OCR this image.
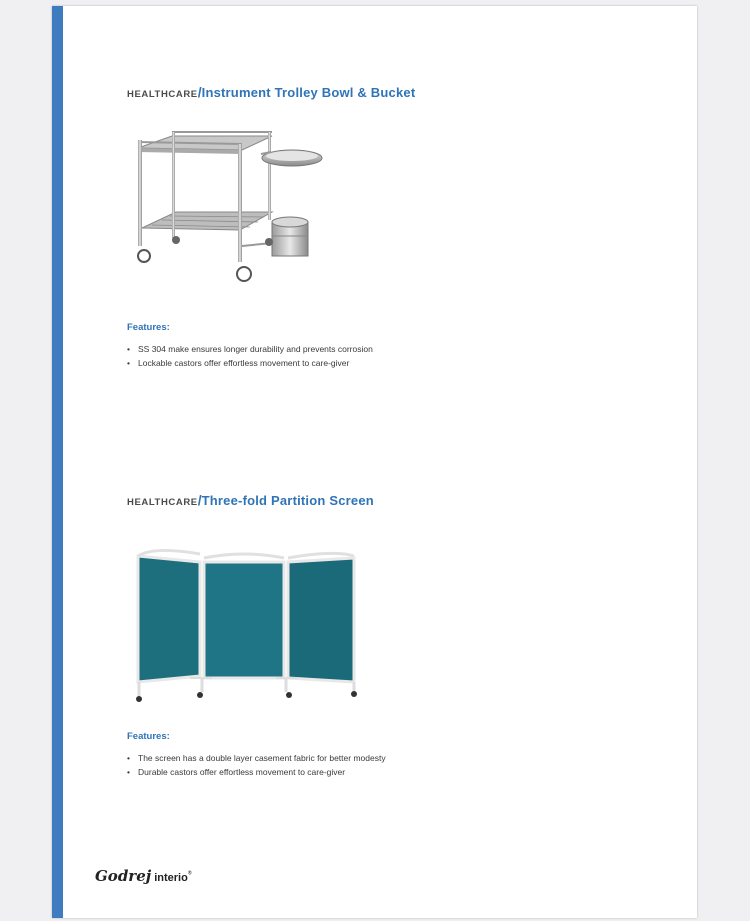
HEALTHCARE/Instrument Trolley Bowl & Bucket
Features:
• SS 304 make ensures longer durability and prevents corrosion
• Lockable castors offer effortless movement to care-giver
HEALTHCARE/Three-fold Partition Screen
Features:
• The screen has a double layer casement fabric for better modesty
• Durable castors offer effortless movement to care-giver
Godrej interio®
